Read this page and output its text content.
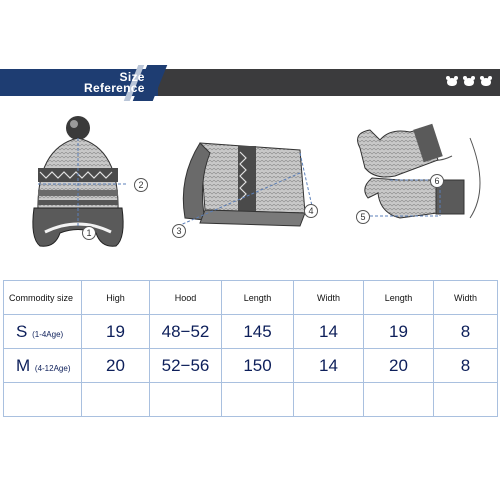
Size
Reference
1
2
3
4
5
6
Commodity size	High	Hood	Length	Width	Length	Width
S (1-4Age)	19	48−52	145	14	19	8
M (4-12Age)	20	52−56	150	14	20	8
